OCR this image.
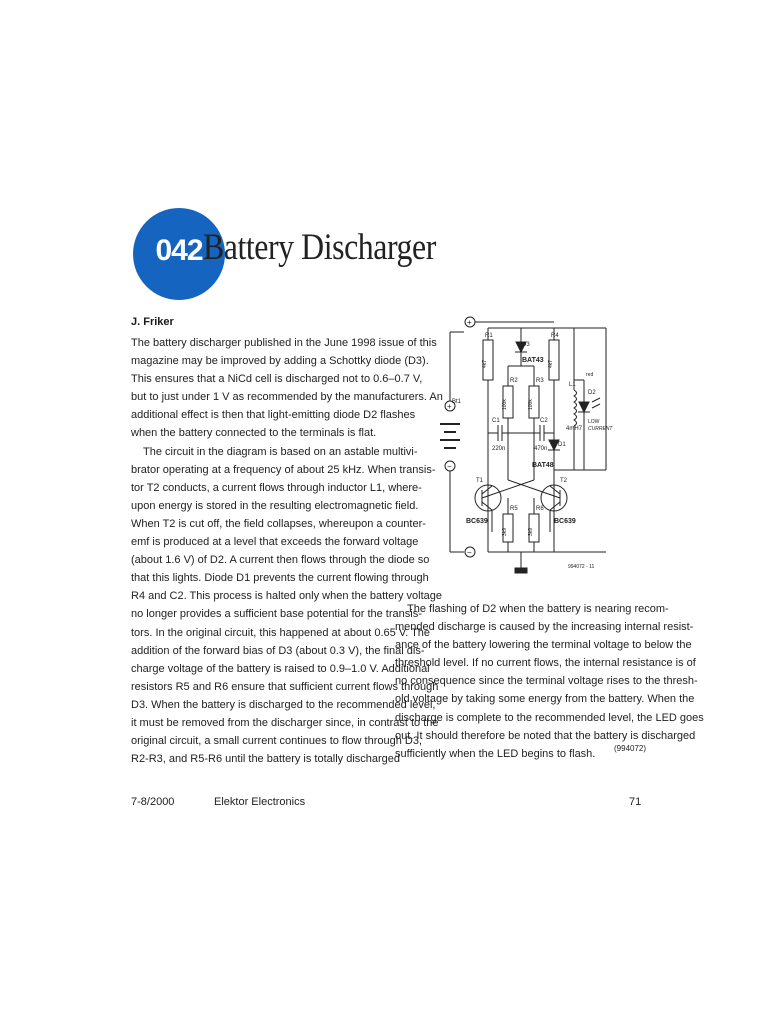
042 Battery Discharger
J. Friker
The battery discharger published in the June 1998 issue of this
magazine may be improved by adding a Schottky diode (D3).
This ensures that a NiCd cell is discharged not to 0.6–0.7 V,
but to just under 1 V as recommended by the manufacturers. An
additional effect is then that light-emitting diode D2 flashes
when the battery connected to the terminals is flat.
The circuit in the diagram is based on an astable multivi-
brator operating at a frequency of about 25 kHz. When transis-
tor T2 conducts, a current flows through inductor L1, where-
upon energy is stored in the resulting electromagnetic field.
When T2 is cut off, the field collapses, whereupon a counter-
emf is produced at a level that exceeds the forward voltage
(about 1.6 V) of D2. A current then flows through the diode so
that this lights. Diode D1 prevents the current flowing through
R4 and C2. This process is halted only when the battery voltage
no longer provides a sufficient base potential for the transis-
tors. In the original circuit, this happened at about 0.65 V. The
addition of the forward bias of D3 (about 0.3 V), the final dis-
charge voltage of the battery is raised to 0.9–1.0 V. Additional
resistors R5 and R6 ensure that sufficient current flows through
D3. When the battery is discharged to the recommended level,
it must be removed from the discharger since, in contrast to the
original circuit, a small current continues to flow through D3,
R2-R3, and R5-R6 until the battery is totally discharged
The flashing of D2 when the battery is nearing recom-
mended discharge is caused by the increasing internal resist-
ance of the battery lowering the terminal voltage to below the
threshold level. If no current flows, the internal resistance is of
no consequence since the terminal voltage rises to the thresh-
old voltage by taking some energy from the battery. When the
discharge is complete to the recommended level, the LED goes
out. It should therefore be noted that the battery is discharged
sufficiently when the LED begins to flash.	(994072)
+
−
+
−
Bt1
R1
4k7
R4
4k7
D3
BAT43
R2
100k
R3
100k
C1
220n
C2
470n
D1
BAT48
L1
4mH7
D2
red
LOW
CURRENT
T1
BC639
T2
BC639
R5
3k9
R6
3k9
994072 - 11
7-8/2000	Elektor Electronics	71
